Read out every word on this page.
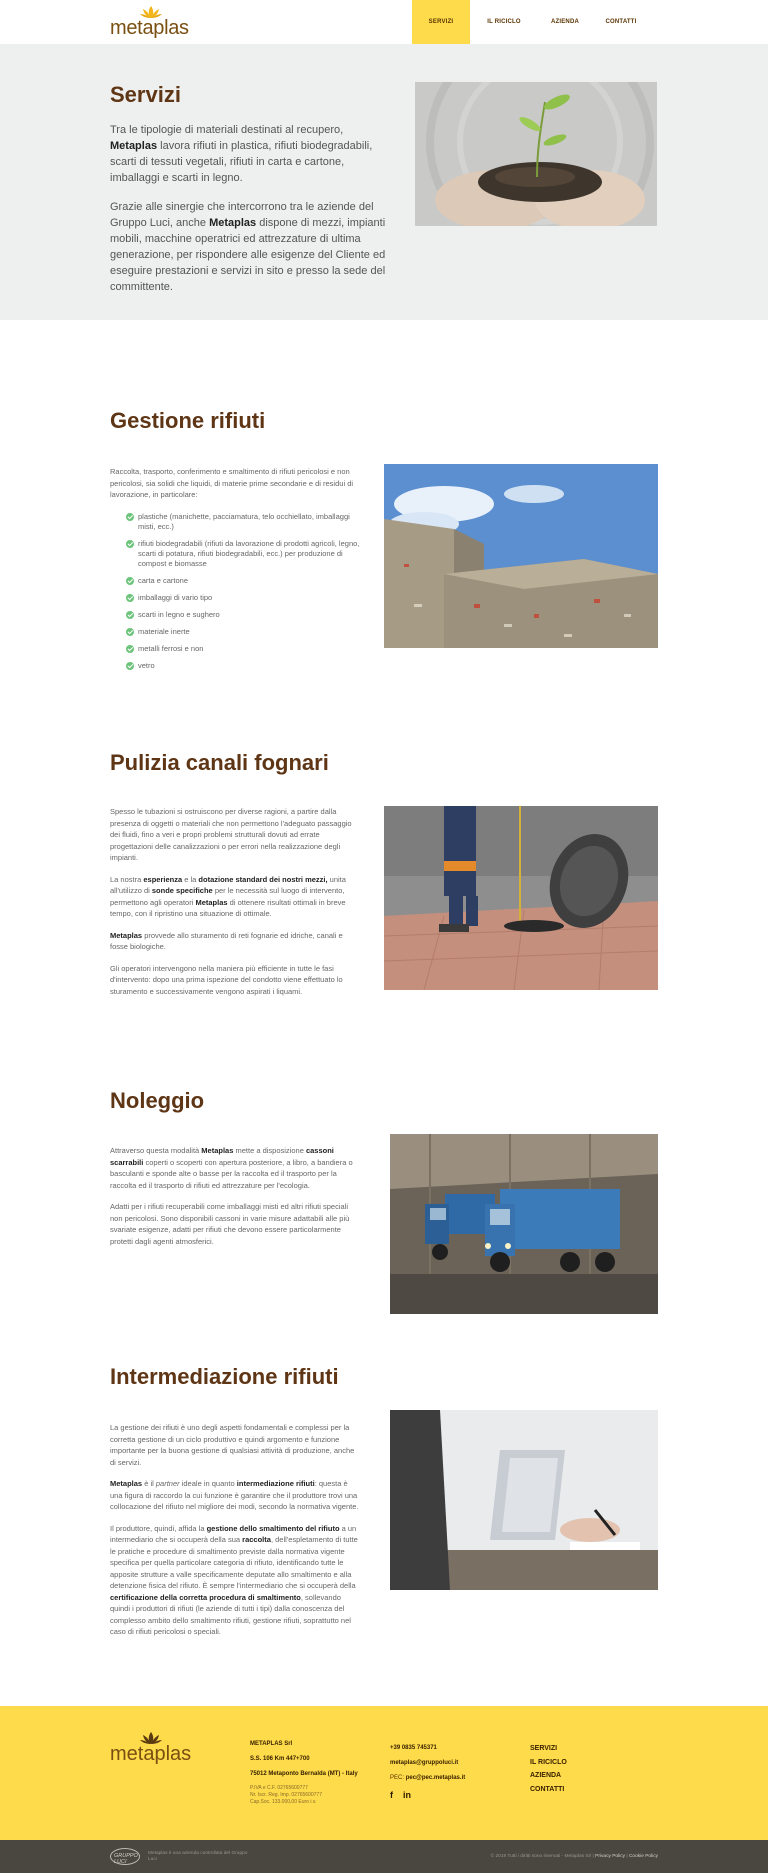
metaplas	SERVIZI	IL RICICLO	AZIENDA	CONTATTI
Servizi

Tra le tipologie di materiali destinati al recupero, Metaplas lavora rifiuti in plastica, rifiuti biodegradabili, scarti di tessuti vegetali, rifiuti in carta e cartone, imballaggi e scarti in legno.

Grazie alle sinergie che intercorrono tra le aziende del Gruppo Luci, anche Metaplas dispone di mezzi, impianti mobili, macchine operatrici ed attrezzature di ultima generazione, per rispondere alle esigenze del Cliente ed eseguire prestazioni e servizi in sito e presso la sede del committente.

Gestione rifiuti

Raccolta, trasporto, conferimento e smaltimento di rifiuti pericolosi e non pericolosi, sia solidi che liquidi, di materie prime secondarie e di residui di lavorazione, in particolare:

plastiche (manichette, pacciamatura, telo occhiellato, imballaggi misti, ecc.)
rifiuti biodegradabili (rifiuti da lavorazione di prodotti agricoli, legno, scarti di potatura, rifiuti biodegradabili, ecc.) per produzione di compost e biomasse
carta e cartone
imballaggi di vario tipo
scarti in legno e sughero
materiale inerte
metalli ferrosi e non
vetro
Pulizia canali fognari

Spesso le tubazioni si ostruiscono per diverse ragioni, a partire dalla presenza di oggetti o materiali che non permettono l'adeguato passaggio dei fluidi, fino a veri e propri problemi strutturali dovuti ad errate progettazioni delle canalizzazioni o per errori nella realizzazione degli impianti.

La nostra esperienza e la dotazione standard dei nostri mezzi, unita all'utilizzo di sonde specifiche per le necessità sul luogo di intervento, permettono agli operatori Metaplas di ottenere risultati ottimali in breve tempo, con il ripristino una situazione di ottimale.

Metaplas provvede allo sturamento di reti fognarie ed idriche, canali e fosse biologiche.

Gli operatori intervengono nella maniera più efficiente in tutte le fasi d'intervento: dopo una prima ispezione del condotto viene effettuato lo sturamento e successivamente vengono aspirati i liquami.

Noleggio

Attraverso questa modalità Metaplas mette a disposizione cassoni scarrabili coperti o scoperti con apertura posteriore, a libro, a bandiera o basculanti e sponde alte o basse per la raccolta ed il trasporto per la raccolta ed il trasporto di rifiuti ed attrezzature per l'ecologia.

Adatti per i rifiuti recuperabili come imballaggi misti ed altri rifiuti speciali non pericolosi. Sono disponibili cassoni in varie misure adattabili alle più svariate esigenze, adatti per rifiuti che devono essere particolarmente protetti dagli agenti atmosferici.

Intermediazione rifiuti

La gestione dei rifiuti è uno degli aspetti fondamentali e complessi per la corretta gestione di un ciclo produttivo e quindi argomento e funzione importante per la buona gestione di qualsiasi attività di produzione, anche di servizi.

Metaplas è il partner ideale in quanto intermediazione rifiuti: questa è una figura di raccordo la cui funzione è garantire che il produttore trovi una collocazione del rifiuto nel migliore dei modi, secondo la normativa vigente.

Il produttore, quindi, affida la gestione dello smaltimento del rifiuto a un intermediario che si occuperà della sua raccolta, dell'espletamento di tutte le pratiche e procedure di smaltimento previste dalla normativa vigente specifica per quella particolare categoria di rifiuto, identificando tutte le apposite strutture a valle specificamente deputate allo smaltimento e alla detenzione fisica del rifiuto. È sempre l'intermediario che si occuperà della certificazione della corretta procedura di smaltimento, sollevando quindi i produttori di rifiuti (le aziende di tutti i tipi) dalla conoscenza del complesso ambito dello smaltimento rifiuti, gestione rifiuti, soprattutto nel caso di rifiuti pericolosi o speciali.

metaplas	METAPLAS Srl
S.S. 106 Km 447+700
75012 Metaponto Bernalda (MT) - Italy
P.IVA e C.F. 02765600777
Nr. Iscr. Reg. Imp. 02765600777
Cap.Soc. 133.000,00 Euro i.v.
+39 0835 745371
metaplas@gruppoluci.it
PEC: pec@pec.metaplas.it
SERVIZI
IL RICICLO
AZIENDA
CONTATTI
f in
GRUPPO LUCI
Metaplas è una azienda controllata del Gruppo Luci
© 2019 Tutti i diritti sono riservati - Metaplas Srl | Privacy Policy | Cookie Policy
